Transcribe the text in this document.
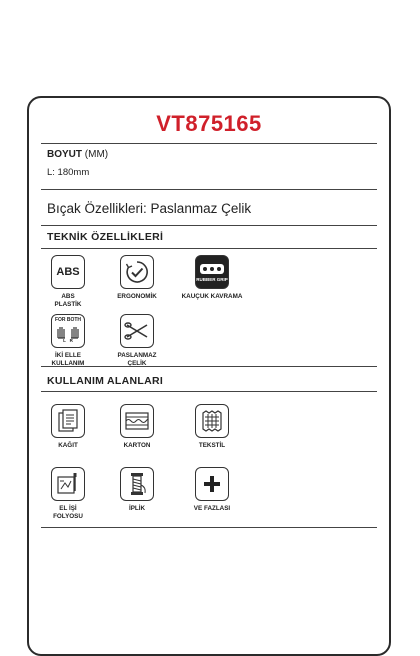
VT875165
BOYUT (MM)
L: 180mm
Bıçak Özellikleri: Paslanmaz Çelik
TEKNİK ÖZELLİKLERİ
ABS
ABS
PLASTİK
ERGONOMİK
RUBBER GRIP
KAUÇUK KAVRAMA
FOR BOTH
L   R
İKİ ELLE
KULLANIM
PASLANMAZ
ÇELİK
KULLANIM ALANLARI
KAĞIT	KARTON	TEKSTİL
EL İŞİ
FOLYOSU
İPLİK	VE FAZLASI
